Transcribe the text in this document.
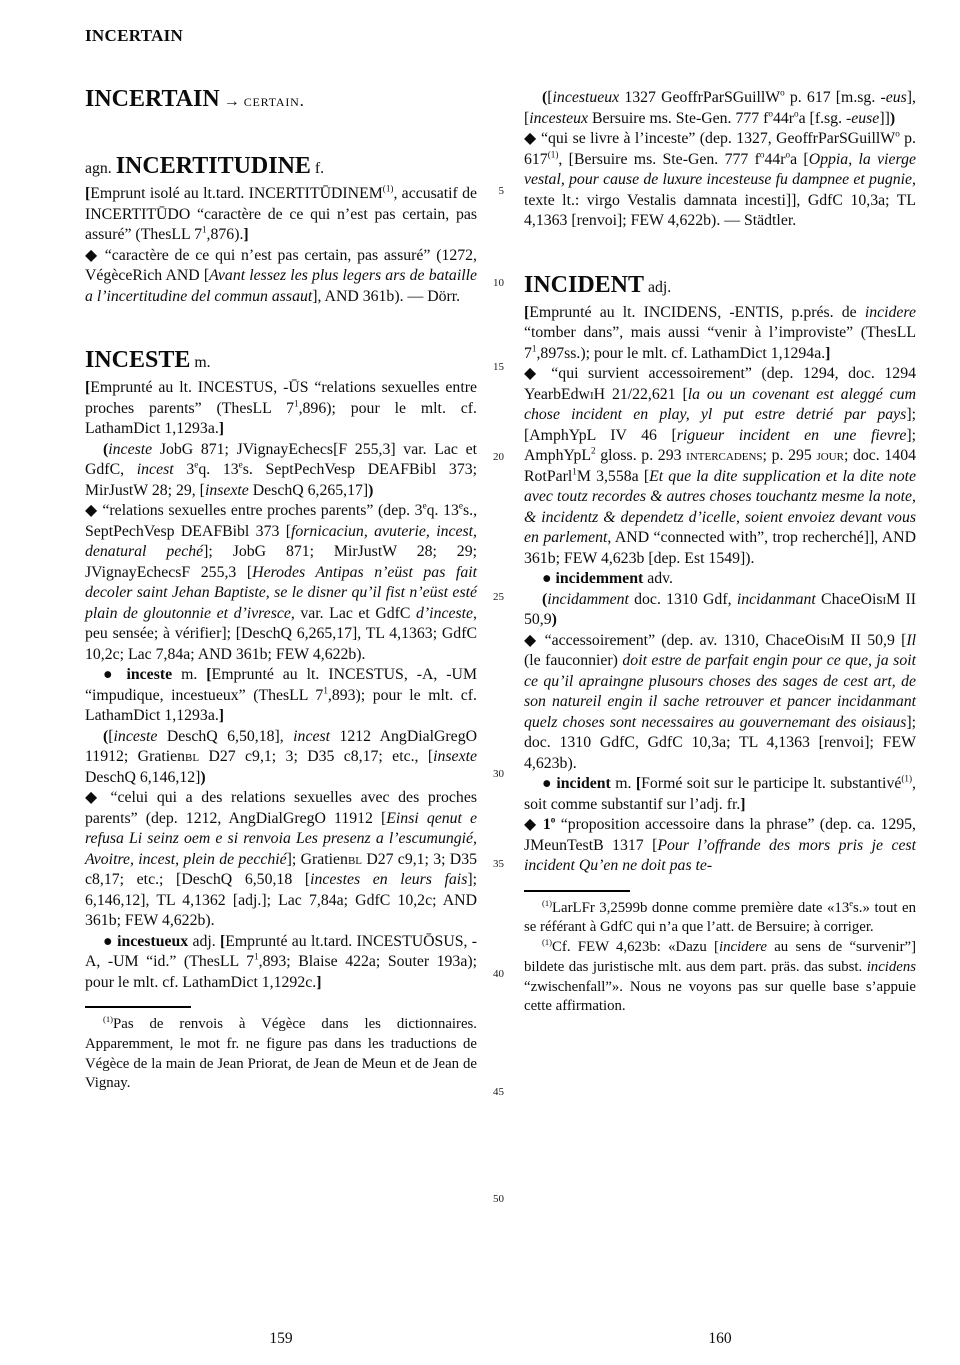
INCERTAIN
INCERTAIN → certain.
agn. INCERTITUDINE f.
[Emprunt isolé au lt.tard. INCERTITŪDINEM$^{(1)}$, accusatif de INCERTITŪDO “caractère de ce qui n’est pas certain, pas assuré” (ThesLL $7^1,876$).]
◆ “caractère de ce qui n’est pas certain, pas assuré” (1272, VégèceRich AND [Avant lessez les plus legers ars de bataille a l’incertitudine del commun assaut], AND 361b). — Dörr.
INCESTE m.
[Emprunté au lt. INCESTUS, -ŪS “relations sexuelles entre proches parents” (ThesLL $7^1,896$); pour le mlt. cf. LathamDict 1,1293a.]
(inceste JobG 871; JVignayEchecs[F 255,3] var. Lac et GdfC, incest 3eq. 13es. SeptPechVesp DEAFBibl 373; MirJustW 28; 29, [insexte DeschQ 6,265,17])
◆ “relations sexuelles entre proches parents” (dep. 3eq. 13es., SeptPechVesp DEAFBibl 373 [fornicaciun, avuterie, incest, denatural peché]; JobG 871; MirJustW 28; 29; JVignayEchecsF 255,3 [Herodes Antipas n’eüst pas fait decoler saint Jehan Baptiste, se le disner qu’il fist n’eüst esté plain de gloutonnie et d’ivresce, var. Lac et GdfC d’inceste, peu sensée; à vérifier]; [DeschQ 6,265,17], TL 4,1363; GdfC 10,2c; Lac 7,84a; AND 361b; FEW 4,622b).
● inceste m. [Emprunté au lt. INCESTUS, -A, -UM “impudique, incestueux” (ThesLL $7^1,893$); pour le mlt. cf. LathamDict 1,1293a.]
([inceste DeschQ 6,50,18], incest 1212 AngDialGregO 11912; Gratienbl D27 c9,1; 3; D35 c8,17; etc., [insexte DeschQ 6,146,12])
◆ “celui qui a des relations sexuelles avec des proches parents” (dep. 1212, AngDialGregO 11912 [Einsi qenut e refusa Li seinz oem e si renvoia Les presenz a l’escumungié, Avoitre, incest, plein de pecchié]; Gratienbl D27 c9,1; 3; D35 c8,17; etc.; [DeschQ 6,50,18 [incestes en leurs fais]; 6,146,12], TL 4,1362 [adj.]; Lac 7,84a; GdfC 10,2c; AND 361b; FEW 4,622b).
● incestueux adj. [Emprunté au lt.tard. INCESTUŌSUS, -A, -UM “id.” (ThesLL $7^1,893$; Blaise 422a; Souter 193a); pour le mlt. cf. LathamDict 1,1292c.]
$^{(1)}$Pas de renvois à Végèce dans les dictionnaires. Apparemment, le mot fr. ne figure pas dans les traductions de Végèce de la main de Jean Priorat, de Jean de Meun et de Jean de Vignay.
([incestueux 1327 GeoffrParSGuillW$^o$ p. 617 [m.sg. -eus], [incesteux Bersuire ms. Ste-Gen. 777 $f^o44r^oa$ [f.sg. -euse]])
◆ “qui se livre à l’inceste” (dep. 1327, GeoffrParSGuillW$^o$ p. 617$^{(1)}$, [Bersuire ms. Ste-Gen. 777 $f^o44r^oa$ [Oppia, la vierge vestal, pour cause de luxure incesteuse fu dampnee et pugnie, texte lt.: virgo Vestalis damnata incesti]], GdfC 10,3a; TL 4,1363 [renvoi]; FEW 4,622b). — Städtler.
INCIDENT adj.
[Emprunté au lt. INCIDENS, -ENTIS, p.prés. de incidere “tomber dans”, mais aussi “venir à l’improviste” (ThesLL $7^1,897ss$.); pour le mlt. cf. LathamDict 1,1294a.]
◆ “qui survient accessoirement” (dep. 1294, doc. 1294 YearbEdwiH 21/22,621 [la ou un covenant est aleggé cum chose incident en play, yl put estre detrié par pays]; [AmphYpL IV 46 [rigueur incident en une fievre]; AmphYpL$^2$ gloss. p. 293 intercadens; p. 295 jour; doc. 1404 RotParl$^1$M 3,558a [Et que la dite supplication et la dite note avec toutz recordes & autres choses touchantz mesme la note, & incidentz & dependetz d’icelle, soient envoiez devant vous en parlement, AND “connected with”, trop recherché]], AND 361b; FEW 4,623b [dep. Est 1549]).
● incidemment adv.
(incidamment doc. 1310 Gdf, incidanmant ChaceOisiM II 50,9)
◆ “accessoirement” (dep. av. 1310, ChaceOisiM II 50,9 [Il (le fauconnier) doit estre de parfait engin pour ce que, ja soit ce qu’il apraingne plusours choses des sages de cest art, de son natureil engin il sache retrouver et pancer incidanmant quelz choses sont necessaires au gouvernemant des oisiaus]; doc. 1310 GdfC, GdfC 10,3a; TL 4,1363 [renvoi]; FEW 4,623b).
● incident m. [Formé soit sur le participe lt. substantivé$^{(1)}$, soit comme substantif sur l’adj. fr.]
◆ 1$^o$ “proposition accessoire dans la phrase” (dep. ca. 1295, JMeunTestB 1317 [Pour l’offrande des mors pris je cest incident Qu’en ne doit pas te-
$^{(1)}$LarLFr 3,2599b donne comme première date «13es.» tout en se référant à GdfC qui n’a que l’att. de Bersuire; à corriger.
$^{(1)}$Cf. FEW 4,623b: «Dazu [incidere au sens de “survenir”] bildete das juristische mlt. aus dem part. präs. das subst. incidens “zwischenfall”». Nous ne voyons pas sur quelle base s’appuie cette affirmation.
5
10
15
20
25
30
35
40
45
50
159	160
